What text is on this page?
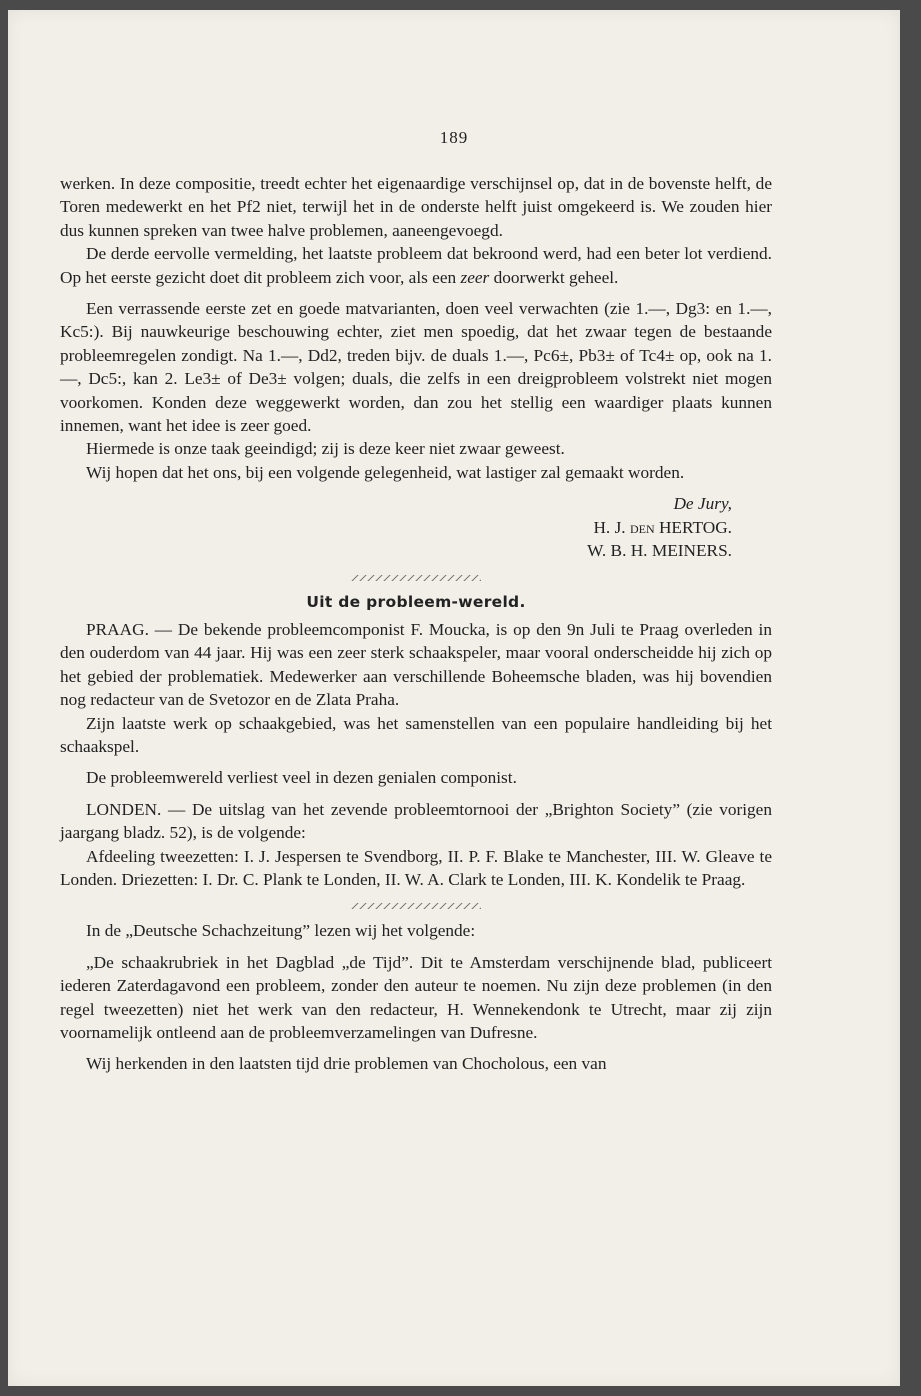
189

werken. In deze compositie, treedt echter het eigenaardige verschijnsel op, dat in de bovenste helft, de Toren medewerkt en het Pf2 niet, terwijl het in de onderste helft juist omgekeerd is. We zouden hier dus kunnen spreken van twee halve problemen, aaneengevoegd.

De derde eervolle vermelding, het laatste probleem dat bekroond werd, had een beter lot verdiend. Op het eerste gezicht doet dit probleem zich voor, als een zeer doorwerkt geheel.

Een verrassende eerste zet en goede matvarianten, doen veel verwachten (zie 1.—, Dg3: en 1.—, Kc5:). Bij nauwkeurige beschouwing echter, ziet men spoedig, dat het zwaar tegen de bestaande probleemregelen zondigt. Na 1.—, Dd2, treden bijv. de duals 1.—, Pc6±, Pb3± of Tc4± op, ook na 1.—, Dc5:, kan 2. Le3± of De3± volgen; duals, die zelfs in een dreigprobleem volstrekt niet mogen voorkomen. Konden deze weggewerkt worden, dan zou het stellig een waardiger plaats kunnen innemen, want het idee is zeer goed.

Hiermede is onze taak geeindigd; zij is deze keer niet zwaar geweest.

Wij hopen dat het ons, bij een volgende gelegenheid, wat lastiger zal gemaakt worden.

De Jury,

H. J. den HERTOG.

W. B. H. MEINERS.

Uit de probleem-wereld.

PRAAG. — De bekende probleemcomponist F. Moucka, is op den 9n Juli te Praag overleden in den ouderdom van 44 jaar. Hij was een zeer sterk schaakspeler, maar vooral onderscheidde hij zich op het gebied der problematiek. Medewerker aan verschillende Boheemsche bladen, was hij bovendien nog redacteur van de Svetozor en de Zlata Praha.

Zijn laatste werk op schaakgebied, was het samenstellen van een populaire handleiding bij het schaakspel.

De probleemwereld verliest veel in dezen genialen componist.

LONDEN. — De uitslag van het zevende probleemtornooi der „Brighton Society” (zie vorigen jaargang bladz. 52), is de volgende:

Afdeeling tweezetten: I. J. Jespersen te Svendborg, II. P. F. Blake te Manchester, III. W. Gleave te Londen. Driezetten: I. Dr. C. Plank te Londen, II. W. A. Clark te Londen, III. K. Kondelik te Praag.

In de „Deutsche Schachzeitung” lezen wij het volgende:

„De schaakrubriek in het Dagblad „de Tijd”. Dit te Amsterdam verschijnende blad, publiceert iederen Zaterdagavond een probleem, zonder den auteur te noemen. Nu zijn deze problemen (in den regel tweezetten) niet het werk van den redacteur, H. Wennekendonk te Utrecht, maar zij zijn voornamelijk ontleend aan de probleemverzamelingen van Dufresne.

Wij herkenden in den laatsten tijd drie problemen van Chocholous, een van
